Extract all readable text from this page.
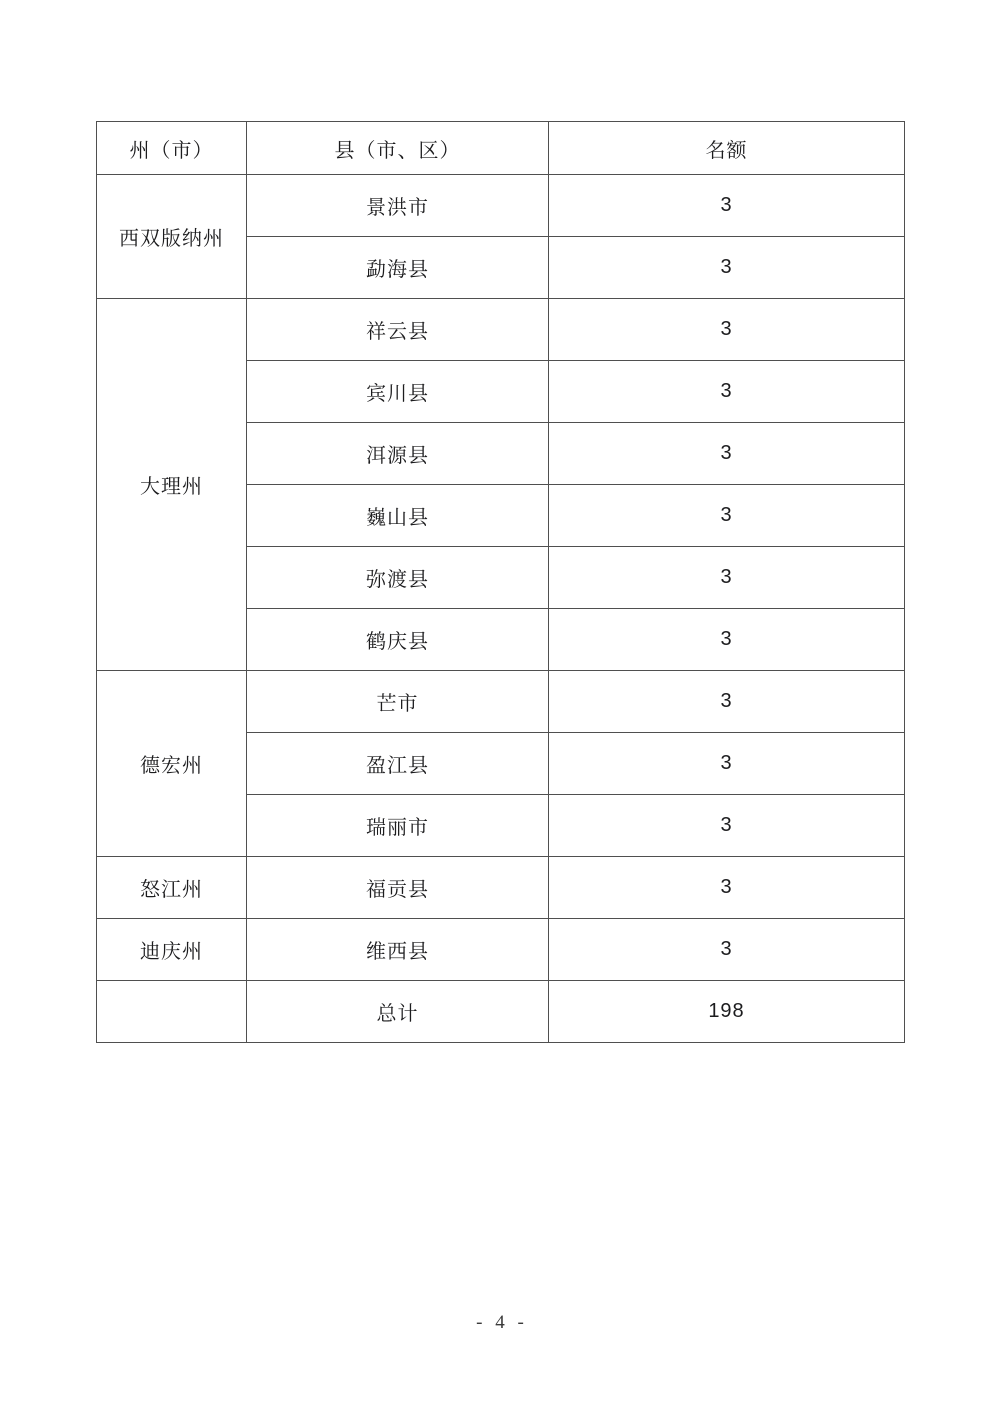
州（市）	县（市、区）	名额
西双版纳州	景洪市	3
	勐海县	3
大理州	祥云县	3
	宾川县	3
	洱源县	3
	巍山县	3
	弥渡县	3
	鹤庆县	3
德宏州	芒市	3
	盈江县	3
	瑞丽市	3
怒江州	福贡县	3
迪庆州	维西县	3
	总计	198
- 4 -
